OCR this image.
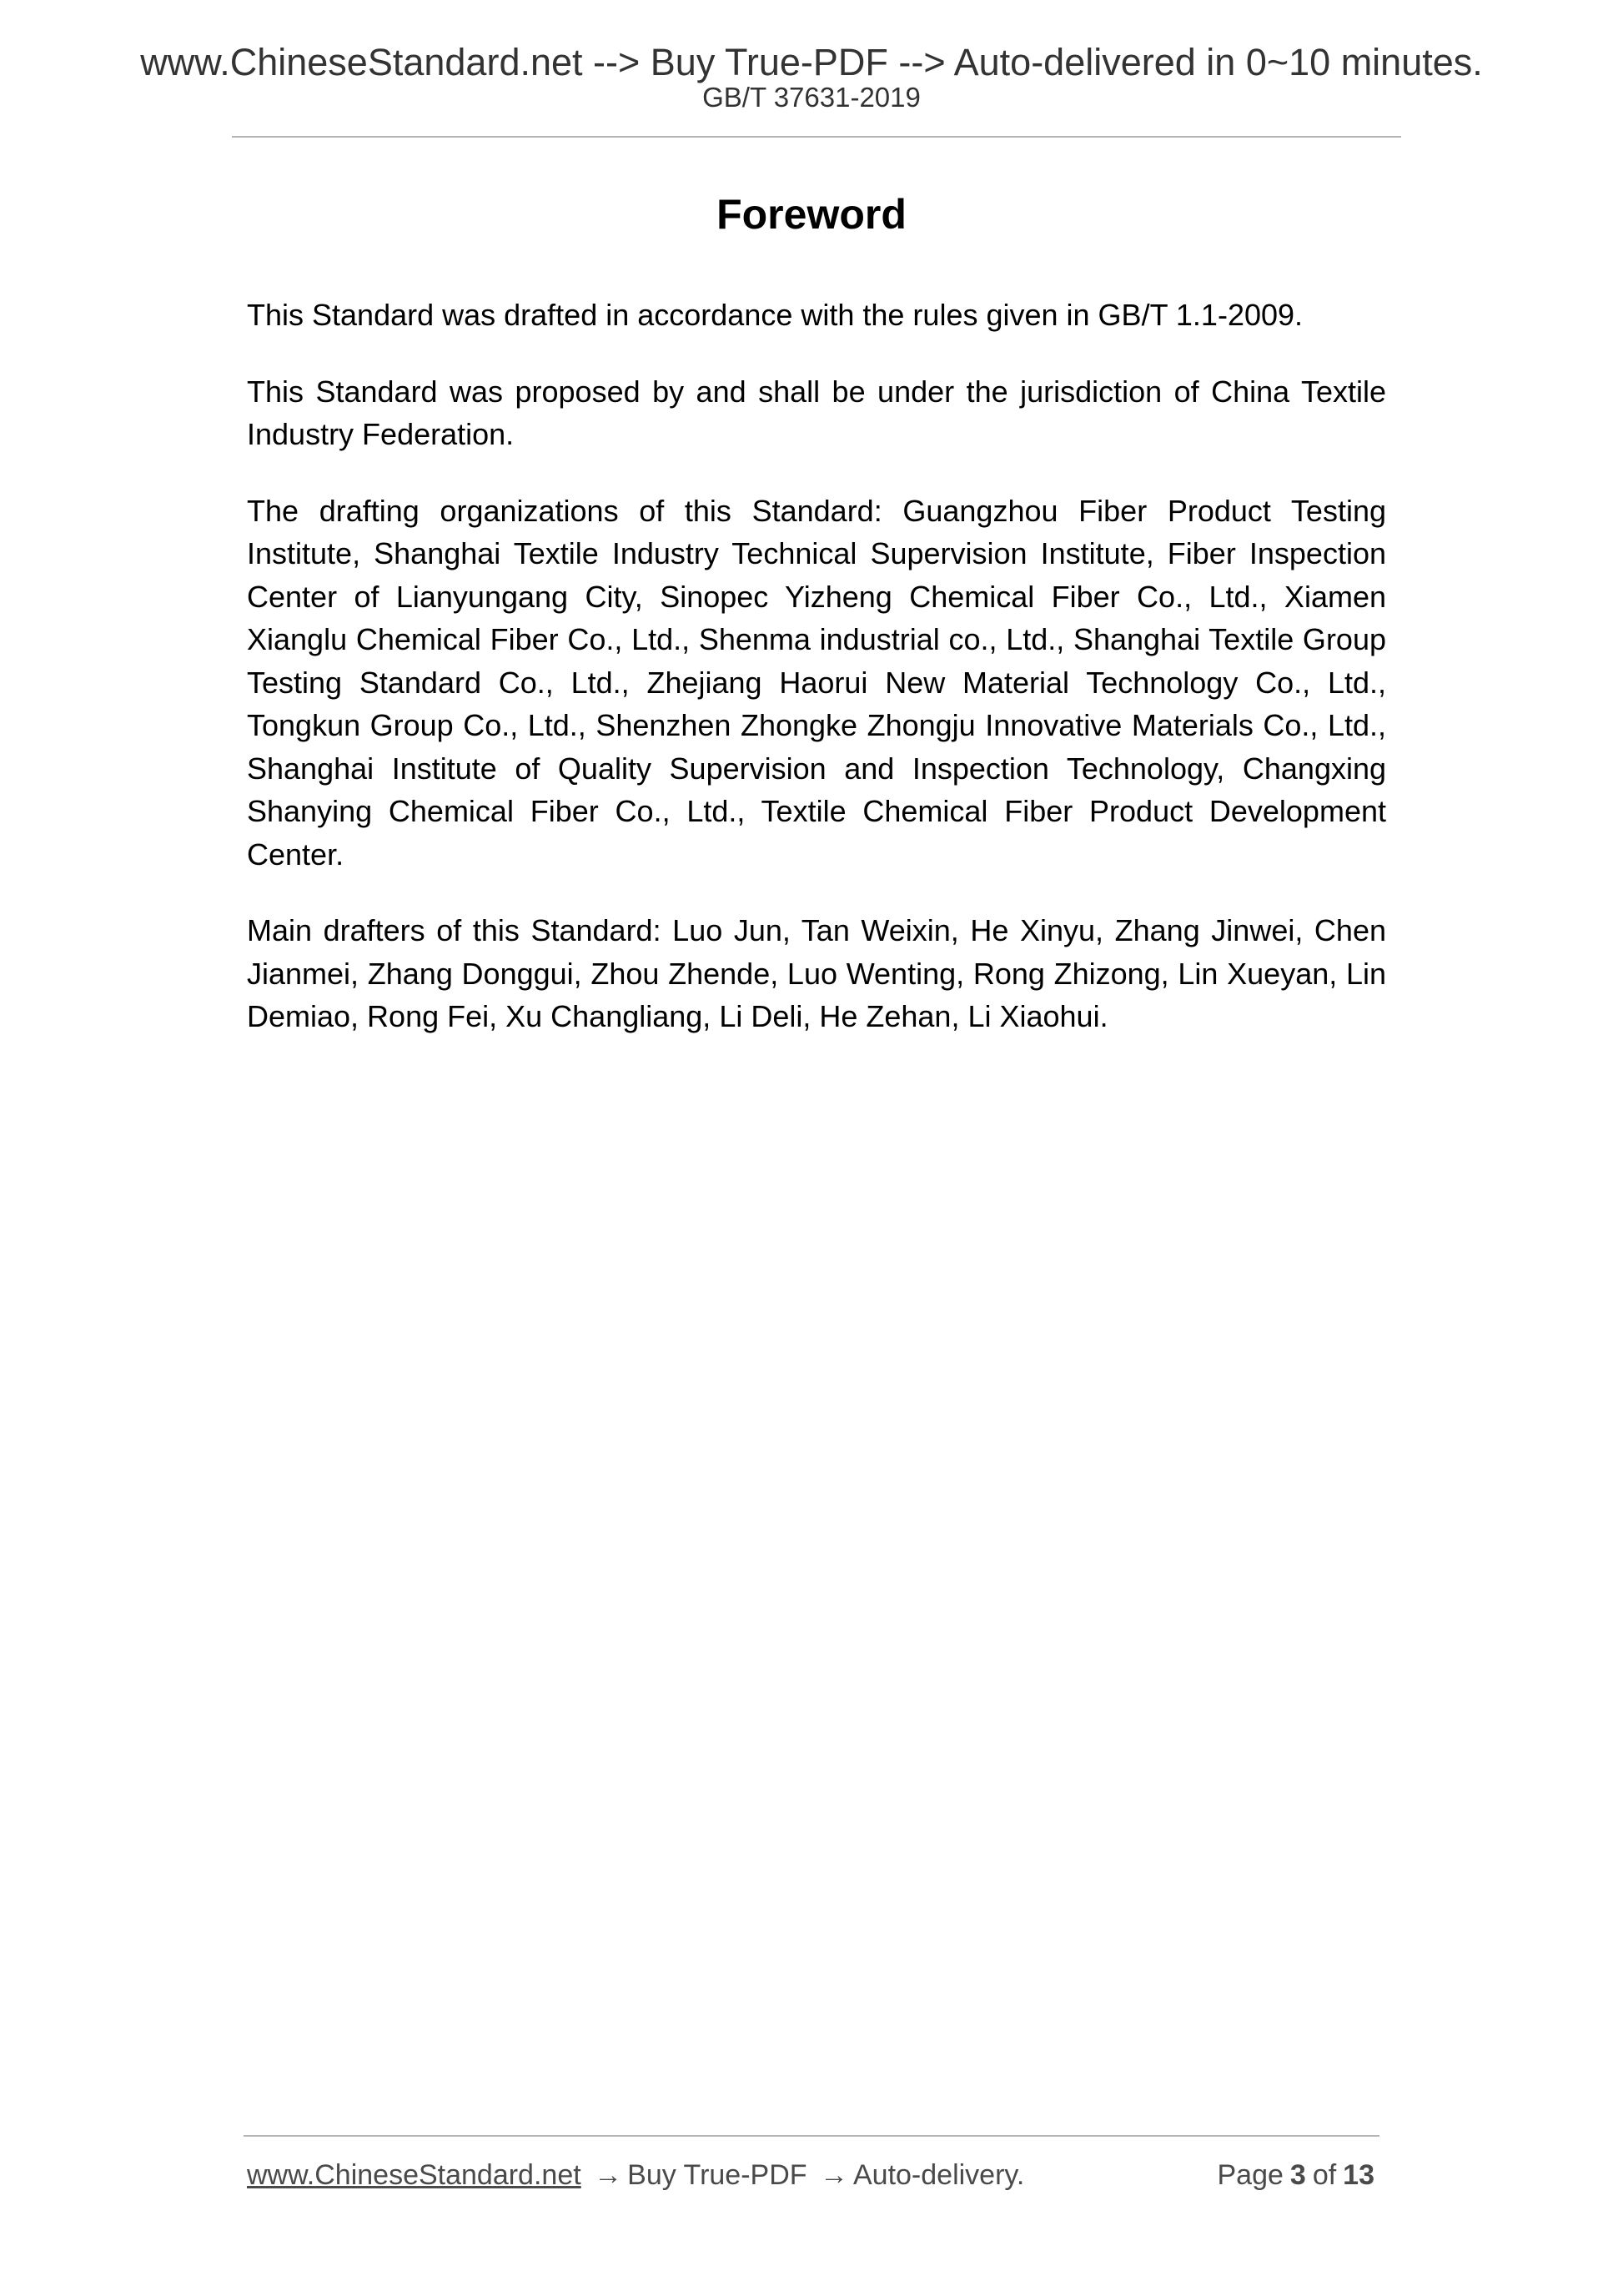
www.ChineseStandard.net --> Buy True-PDF --> Auto-delivered in 0~10 minutes.
GB/T 37631-2019
Foreword

This Standard was drafted in accordance with the rules given in GB/T 1.1-2009.

This Standard was proposed by and shall be under the jurisdiction of China Textile Industry Federation.

The drafting organizations of this Standard: Guangzhou Fiber Product Testing Institute, Shanghai Textile Industry Technical Supervision Institute, Fiber Inspection Center of Lianyungang City, Sinopec Yizheng Chemical Fiber Co., Ltd., Xiamen Xianglu Chemical Fiber Co., Ltd., Shenma industrial co., Ltd., Shanghai Textile Group Testing Standard Co., Ltd., Zhejiang Haorui New Material Technology Co., Ltd., Tongkun Group Co., Ltd., Shenzhen Zhongke Zhongju Innovative Materials Co., Ltd., Shanghai Institute of Quality Supervision and Inspection Technology, Changxing Shanying Chemical Fiber Co., Ltd., Textile Chemical Fiber Product Development Center.

Main drafters of this Standard: Luo Jun, Tan Weixin, He Xinyu, Zhang Jinwei, Chen Jianmei, Zhang Donggui, Zhou Zhende, Luo Wenting, Rong Zhizong, Lin Xueyan, Lin Demiao, Rong Fei, Xu Changliang, Li Deli, He Zehan, Li Xiaohui.

www.ChineseStandard.net → Buy True-PDF → Auto-delivery.	Page 3 of 13
